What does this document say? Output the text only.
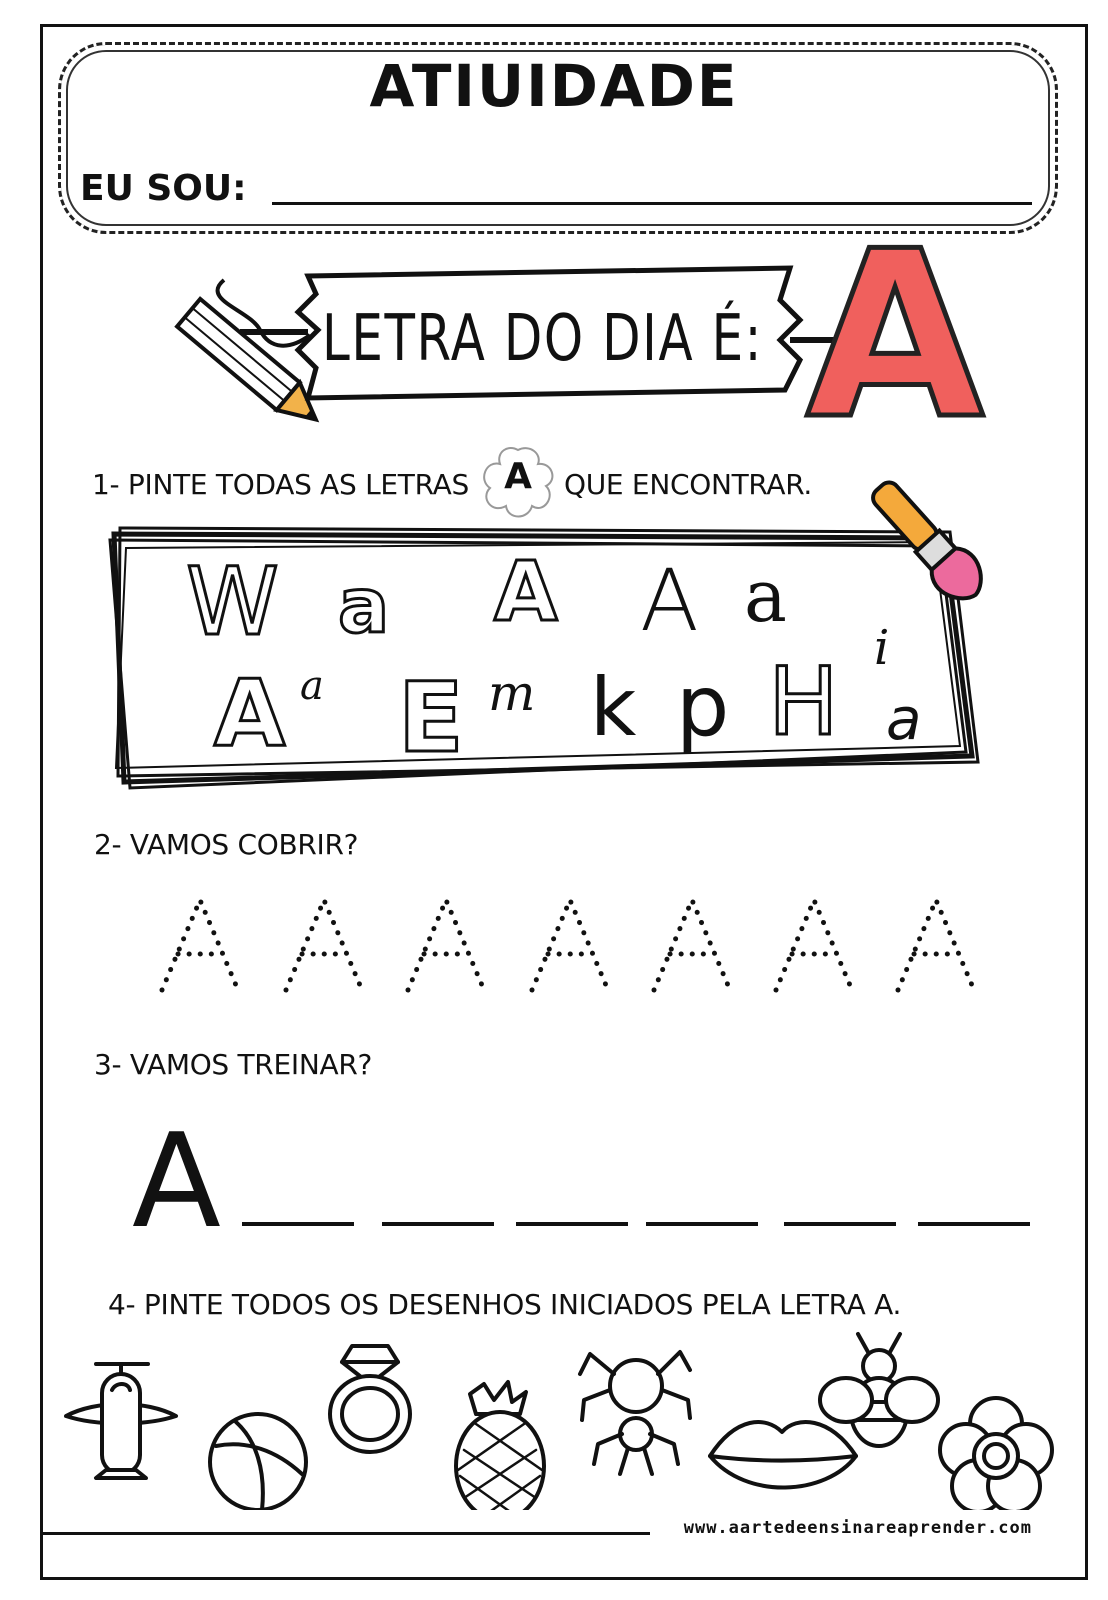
ATIUIDADE
EU SOU:
LETRA DO DIA É: A
1- PINTE TODAS AS LETRAS A	QUE ENCONTRAR.
W a A A a
i
A a E m k p H a
2- VAMOS COBRIR?
3- VAMOS TREINAR?
A
4- PINTE TODOS OS DESENHOS INICIADOS PELA LETRA A.
www.aartedeensinareaprender.com
